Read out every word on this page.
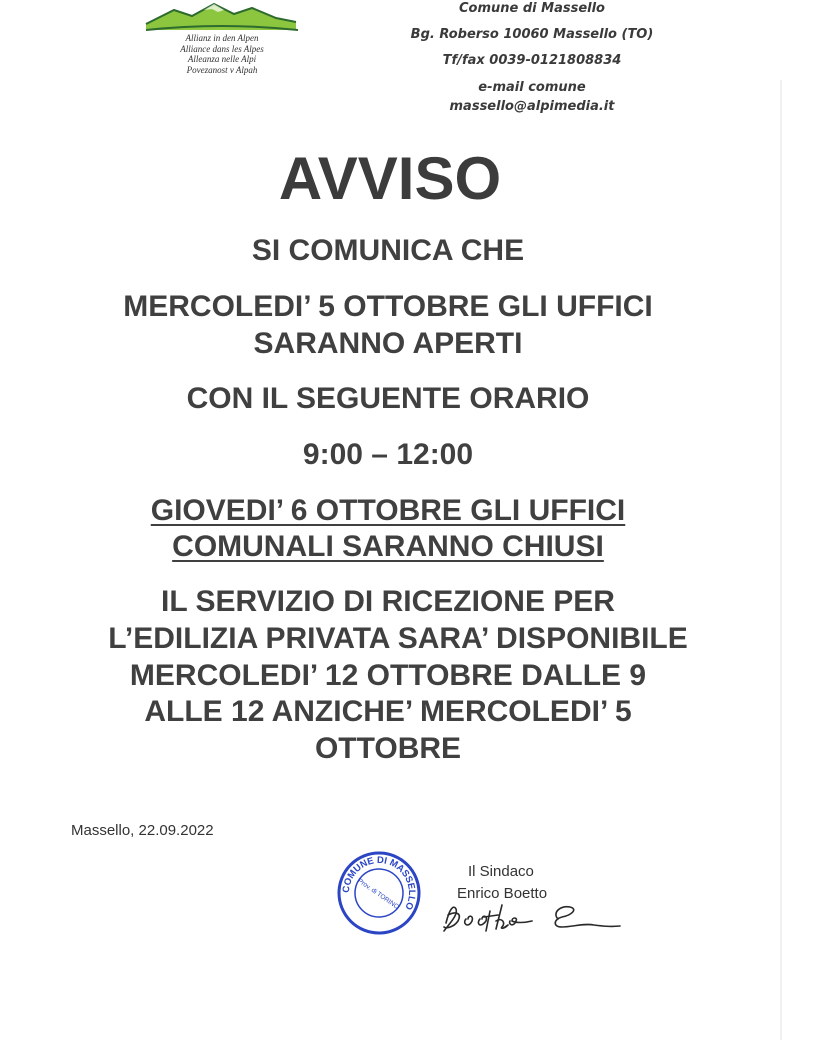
Allianz in den Alpen
Alliance dans les Alpes
Alleanza nelle Alpi
Povezanost v Alpah
Comune di Massello
Bg. Roberso 10060 Massello (TO)
Tf/fax 0039-0121808834
e-mail comune
massello@alpimedia.it
AVVISO
SI COMUNICA CHE
MERCOLEDI’ 5 OTTOBRE GLI UFFICI
SARANNO APERTI
CON IL SEGUENTE ORARIO
9:00 – 12:00
GIOVEDI’ 6 OTTOBRE GLI UFFICI
COMUNALI SARANNO CHIUSI
IL SERVIZIO DI RICEZIONE PER
L’EDILIZIA PRIVATA SARA’ DISPONIBILE
MERCOLEDI’ 12 OTTOBRE DALLE 9
ALLE 12 ANZICHE’ MERCOLEDI’ 5
OTTOBRE
Massello, 22.09.2022
COMUNE DI MASSELLO
Prov. di TORINO
Il Sindaco
Enrico Boetto
